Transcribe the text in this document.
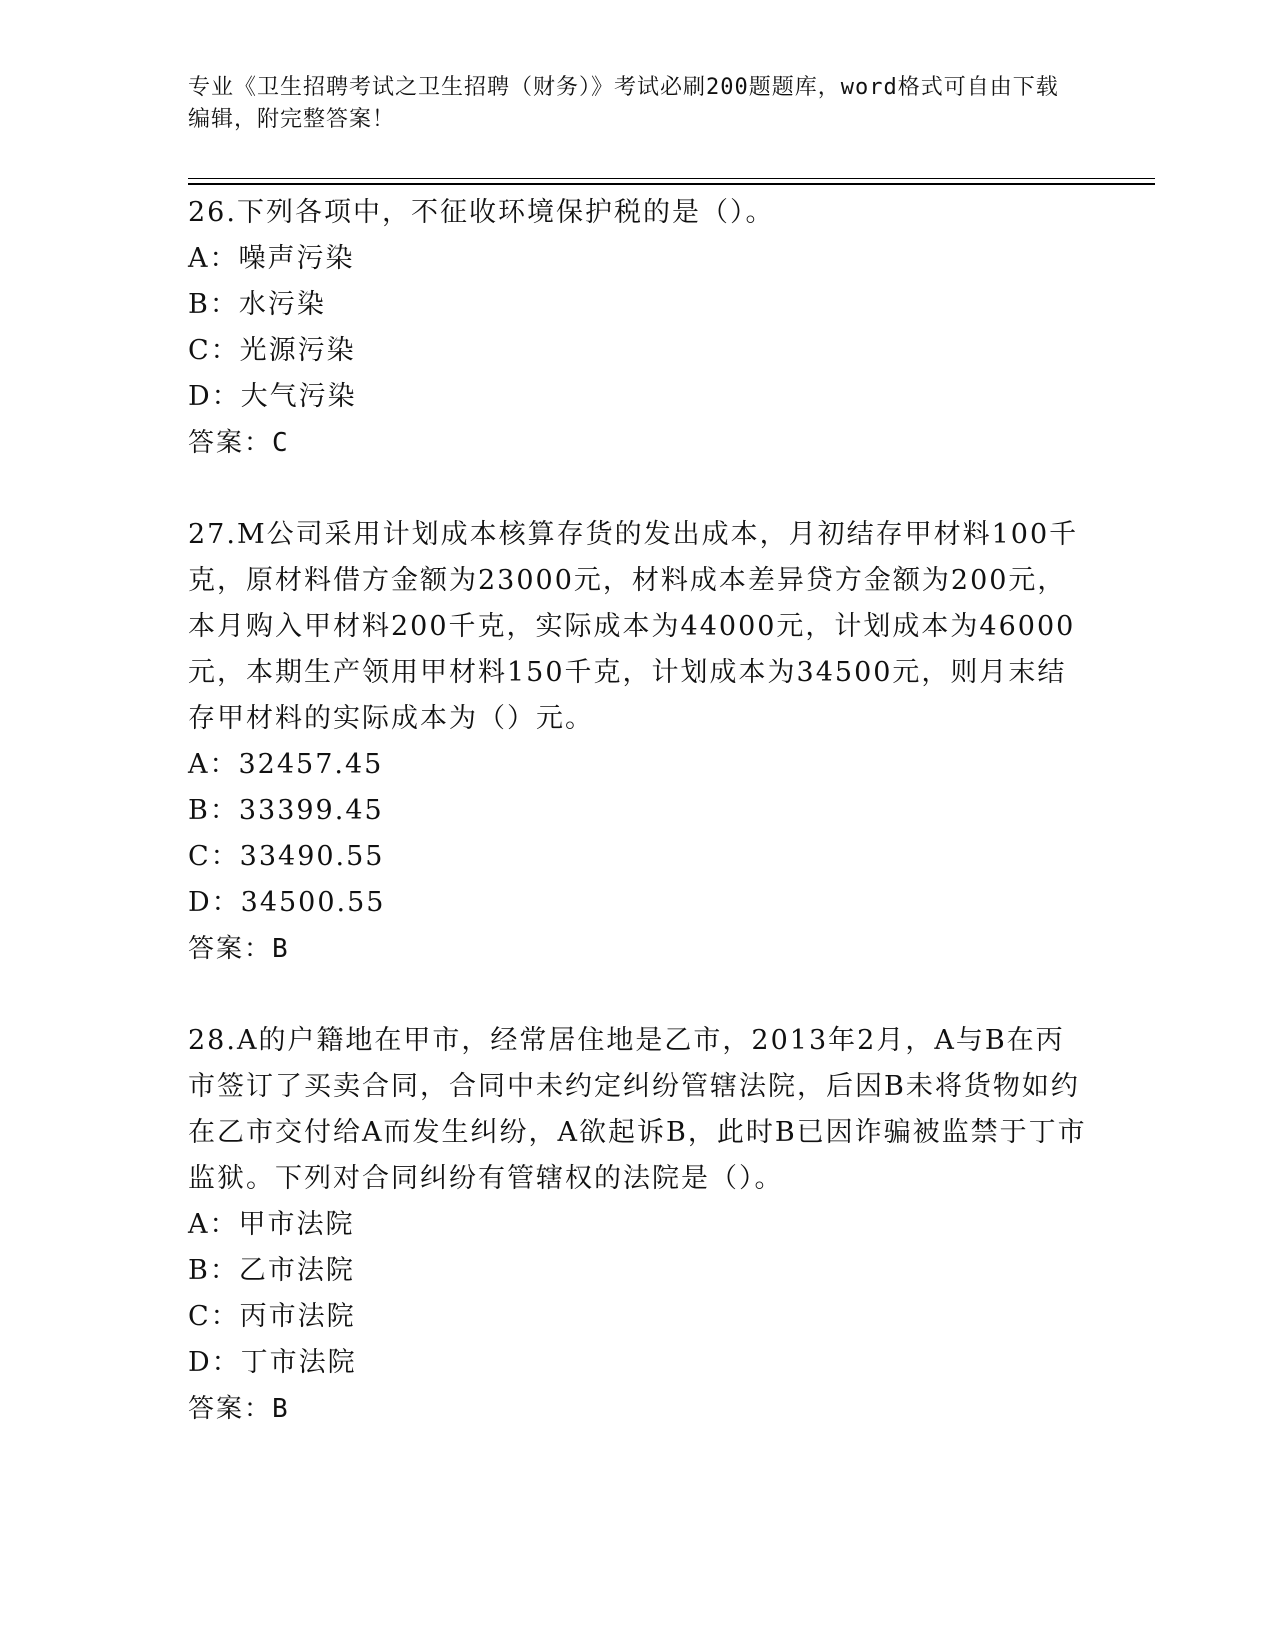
专业《卫生招聘考试之卫生招聘（财务）》考试必刷200题题库，word格式可自由下载编辑，附完整答案！

26.下列各项中，不征收环境保护税的是（）。

A：噪声污染

B：水污染

C：光源污染

D：大气污染

答案：C

27.M公司采用计划成本核算存货的发出成本，月初结存甲材料100千克，原材料借方金额为23000元，材料成本差异贷方金额为200元，本月购入甲材料200千克，实际成本为44000元，计划成本为46000元，本期生产领用甲材料150千克，计划成本为34500元，则月末结存甲材料的实际成本为（）元。

A：32457.45

B：33399.45

C：33490.55

D：34500.55

答案：B

28.A的户籍地在甲市，经常居住地是乙市，2013年2月，A与B在丙市签订了买卖合同，合同中未约定纠纷管辖法院，后因B未将货物如约在乙市交付给A而发生纠纷，A欲起诉B，此时B已因诈骗被监禁于丁市监狱。下列对合同纠纷有管辖权的法院是（）。

A：甲市法院

B：乙市法院

C：丙市法院

D：丁市法院

答案：B
